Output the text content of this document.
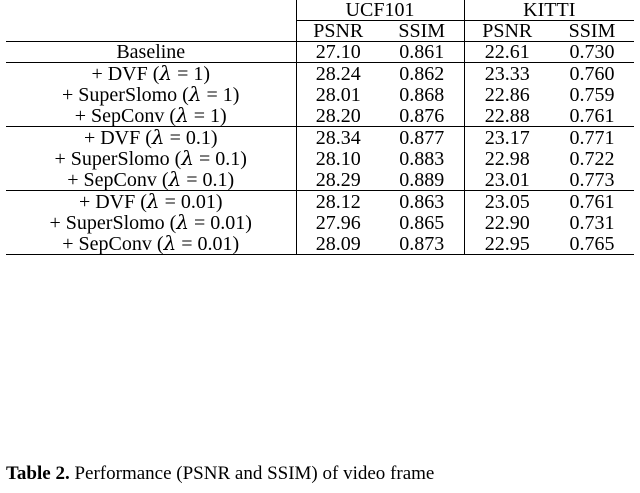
	UCF101		KITTI	
	PSNR	SSIM	PSNR	SSIM
Baseline	27.10	0.861	22.61	0.730
+ DVF (λ = 1)	28.24	0.862	23.33	0.760
+ SuperSlomo (λ = 1)	28.01	0.868	22.86	0.759
+ SepConv (λ = 1)	28.20	0.876	22.88	0.761
+ DVF (λ = 0.1)	28.34	0.877	23.17	0.771
+ SuperSlomo (λ = 0.1)	28.10	0.883	22.98	0.722
+ SepConv (λ = 0.1)	28.29	0.889	23.01	0.773
+ DVF (λ = 0.01)	28.12	0.863	23.05	0.761
+ SuperSlomo (λ = 0.01)	27.96	0.865	22.90	0.731
+ SepConv (λ = 0.01)	28.09	0.873	22.95	0.765
Table 2. Performance (PSNR and SSIM) of video frame
